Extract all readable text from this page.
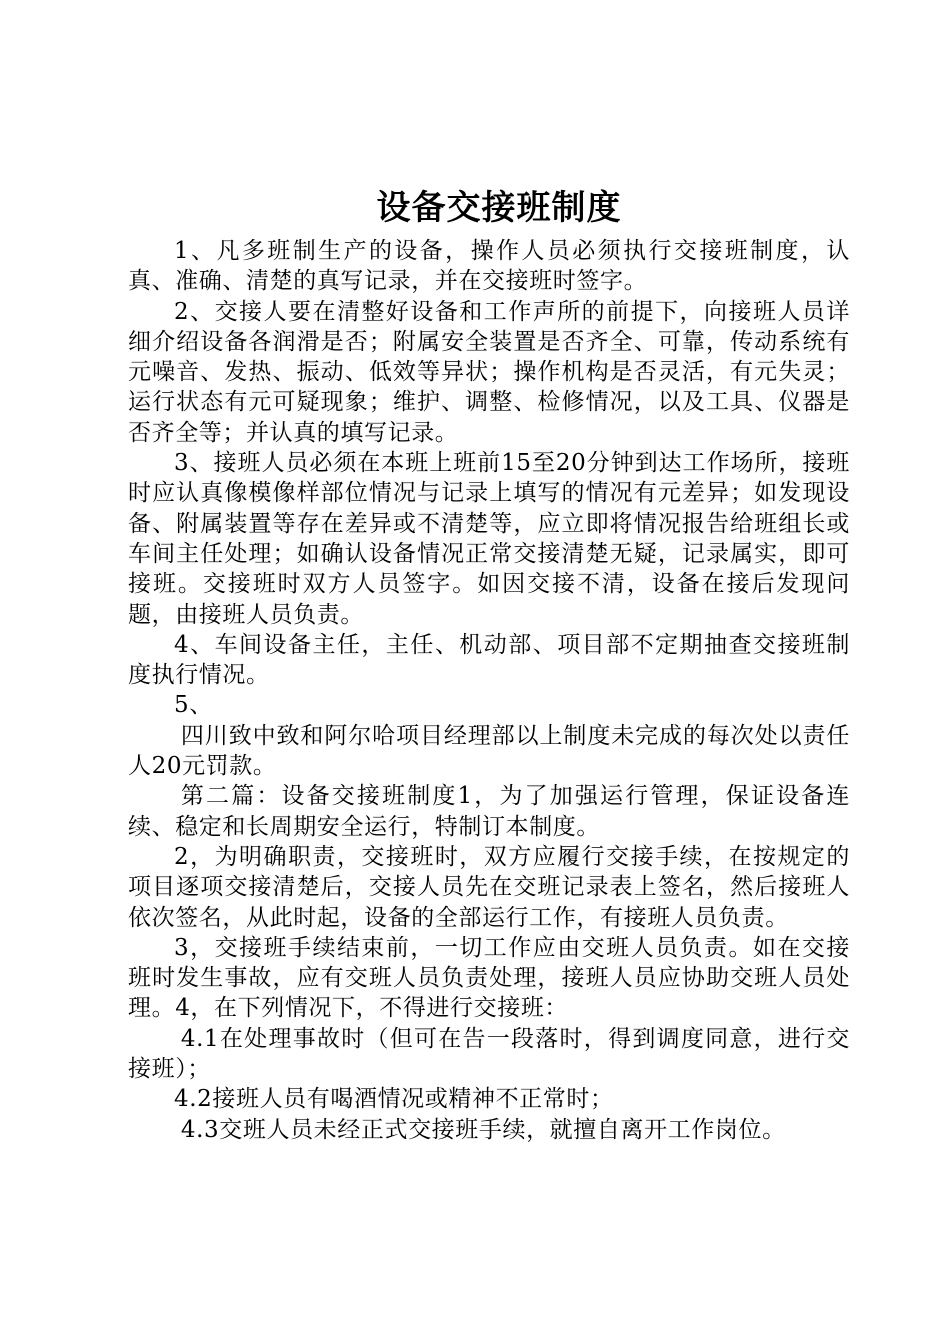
设备交接班制度

1、凡多班制生产的设备，操作人员必须执行交接班制度，认真、准确、清楚的真写记录，并在交接班时签字。

2、交接人要在清整好设备和工作声所的前提下，向接班人员详细介绍设备各润滑是否；附属安全装置是否齐全、可靠，传动系统有元噪音、发热、振动、低效等异状；操作机构是否灵活，有元失灵；运行状态有元可疑现象；维护、调整、检修情况，以及工具、仪器是否齐全等；并认真的填写记录。

3、接班人员必须在本班上班前15至20分钟到达工作场所，接班时应认真像模像样部位情况与记录上填写的情况有元差异；如发现设备、附属装置等存在差异或不清楚等，应立即将情况报告给班组长或车间主任处理；如确认设备情况正常交接清楚无疑，记录属实，即可接班。交接班时双方人员签字。如因交接不清，设备在接后发现问题，由接班人员负责。

4、车间设备主任，主任、机动部、项目部不定期抽查交接班制度执行情况。

5、

四川致中致和阿尔哈项目经理部以上制度未完成的每次处以责任人20元罚款。

第二篇：设备交接班制度1，为了加强运行管理，保证设备连续、稳定和长周期安全运行，特制订本制度。

2，为明确职责，交接班时，双方应履行交接手续，在按规定的项目逐项交接清楚后，交接人员先在交班记录表上签名，然后接班人依次签名，从此时起，设备的全部运行工作，有接班人员负责。

3，交接班手续结束前，一切工作应由交班人员负责。如在交接班时发生事故，应有交班人员负责处理，接班人员应协助交班人员处理。4，在下列情况下，不得进行交接班：

4.1在处理事故时（但可在告一段落时，得到调度同意，进行交接班）；

4.2接班人员有喝酒情况或精神不正常时；

4.3交班人员未经正式交接班手续，就擅自离开工作岗位。
